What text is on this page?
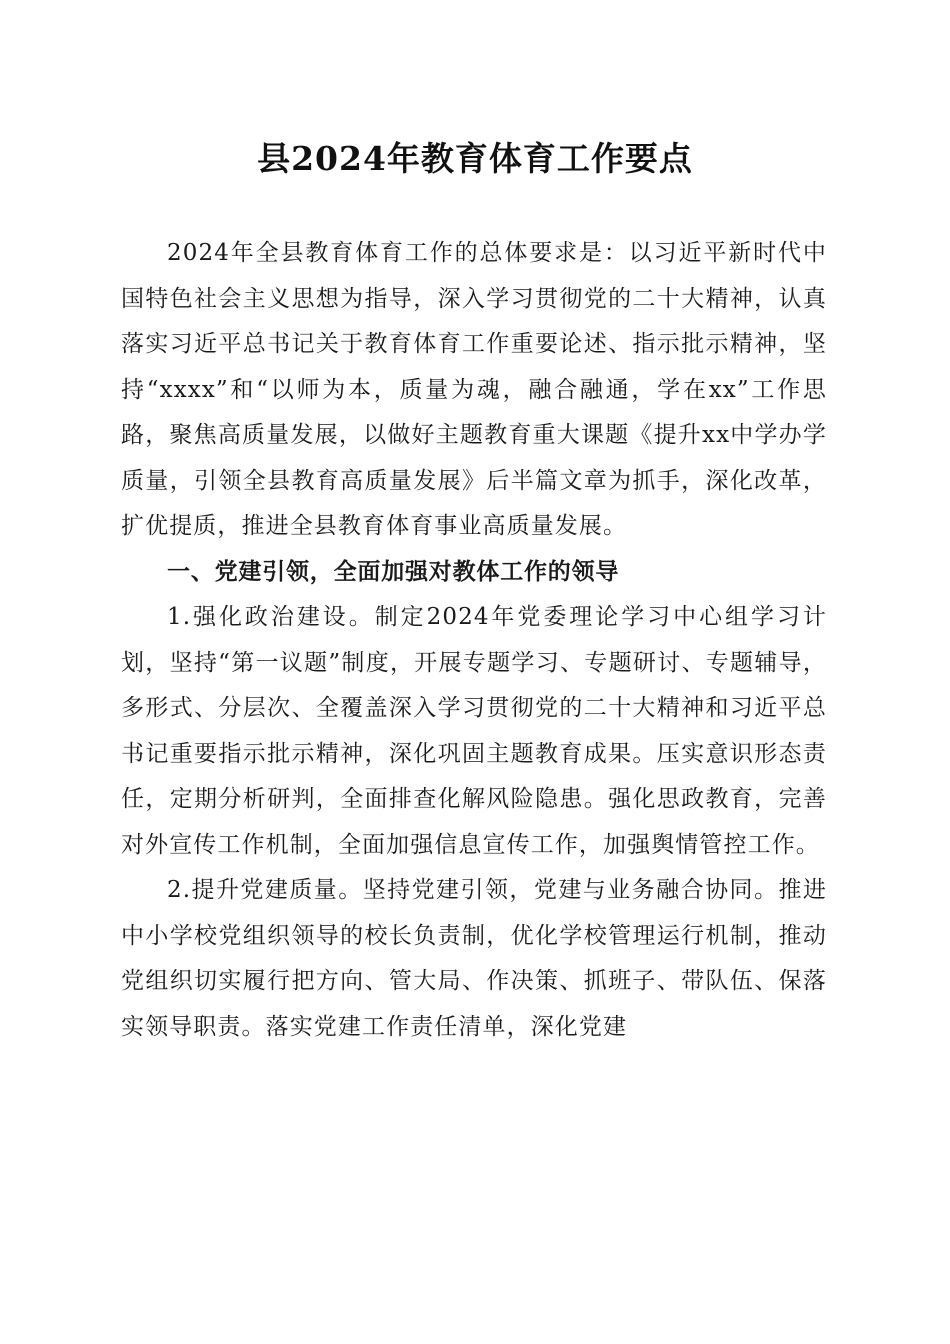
县2024年教育体育工作要点

2024年全县教育体育工作的总体要求是：以习近平新时代中国特色社会主义思想为指导，深入学习贯彻党的二十大精神，认真落实习近平总书记关于教育体育工作重要论述、指示批示精神，坚持“xxxx”和“以师为本，质量为魂，融合融通，学在xx”工作思路，聚焦高质量发展，以做好主题教育重大课题《提升xx中学办学质量，引领全县教育高质量发展》后半篇文章为抓手，深化改革，扩优提质，推进全县教育体育事业高质量发展。

一、党建引领，全面加强对教体工作的领导

1.强化政治建设。制定2024年党委理论学习中心组学习计划，坚持“第一议题”制度，开展专题学习、专题研讨、专题辅导，多形式、分层次、全覆盖深入学习贯彻党的二十大精神和习近平总书记重要指示批示精神，深化巩固主题教育成果。压实意识形态责任，定期分析研判，全面排查化解风险隐患。强化思政教育，完善对外宣传工作机制，全面加强信息宣传工作，加强舆情管控工作。

2.提升党建质量。坚持党建引领，党建与业务融合协同。推进中小学校党组织领导的校长负责制，优化学校管理运行机制，推动党组织切实履行把方向、管大局、作决策、抓班子、带队伍、保落实领导职责。落实党建工作责任清单，深化党建
